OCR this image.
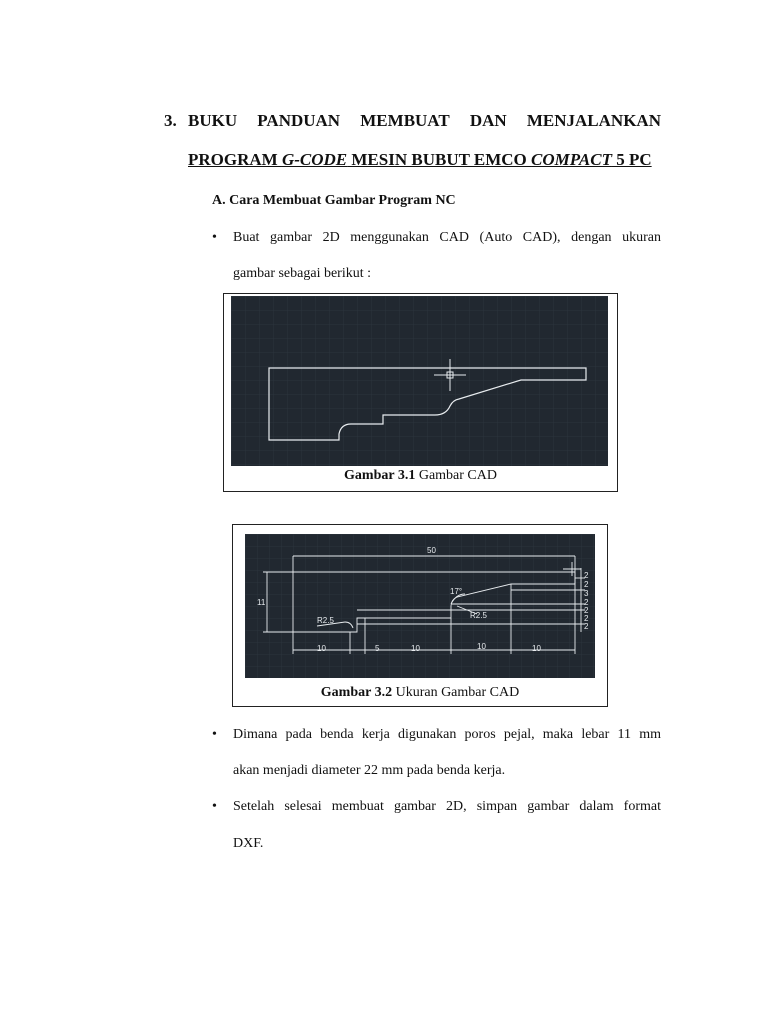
3. BUKU PANDUAN MEMBUAT DAN MENJALANKAN
PROGRAM G-CODE MESIN BUBUT EMCO COMPACT 5 PC
A. Cara Membuat Gambar Program NC
• Buat gambar 2D menggunakan CAD (Auto CAD), dengan ukuran
gambar sebagai berikut :
Gambar 3.1 Gambar CAD
50
11
17°
R2.5
R2.5
10	5	10	10	10
2
2
3
2
2
2
2
Gambar 3.2 Ukuran Gambar CAD
• Dimana pada benda kerja digunakan poros pejal, maka lebar 11 mm
akan menjadi diameter 22 mm pada benda kerja.
• Setelah selesai membuat gambar 2D, simpan gambar dalam format
DXF.
